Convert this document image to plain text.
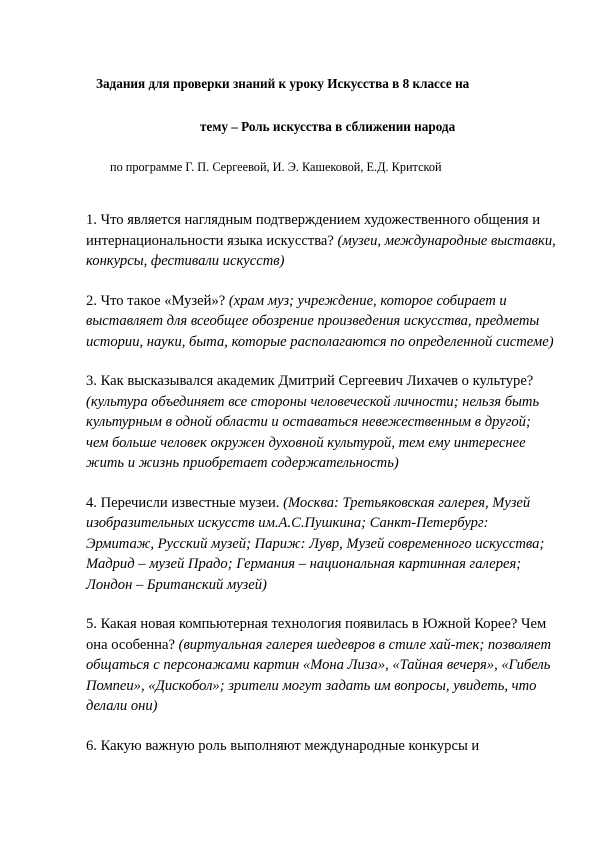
Задания для проверки знаний к уроку Искусства в 8 классе на
тему – Роль искусства в сближении народа
по программе Г. П. Сергеевой, И. Э. Кашековой, Е.Д. Критской

1. Что является наглядным подтверждением художественного общения и интернациональности языка искусства? (музеи, международные выставки, конкурсы, фестивали искусств)

2. Что такое «Музей»? (храм муз; учреждение, которое собирает и выставляет для всеобщее обозрение произведения искусства, предметы истории, науки, быта, которые располагаются по определенной системе)

3. Как высказывался академик Дмитрий Сергеевич Лихачев о культуре? (культура объединяет все стороны человеческой личности; нельзя быть культурным в одной области и оставаться невежественным в другой; чем больше человек окружен духовной культурой, тем ему интереснее жить и жизнь приобретает содержательность)

4. Перечисли известные музеи. (Москва: Третьяковская галерея, Музей изобразительных искусств им.А.С.Пушкина; Санкт-Петербург: Эрмитаж, Русский музей; Париж: Лувр, Музей современного искусства; Мадрид – музей Прадо; Германия – национальная картинная галерея; Лондон – Британский музей)

5. Какая новая компьютерная технология появилась в Южной Корее? Чем она особенна? (виртуальная галерея шедевров в стиле хай-тек; позволяет общаться с персонажами картин «Мона Лиза», «Тайная вечеря», «Гибель Помпеи», «Дискобол»; зрители могут задать им вопросы, увидеть, что делали они)

6. Какую важную роль выполняют международные конкурсы и
